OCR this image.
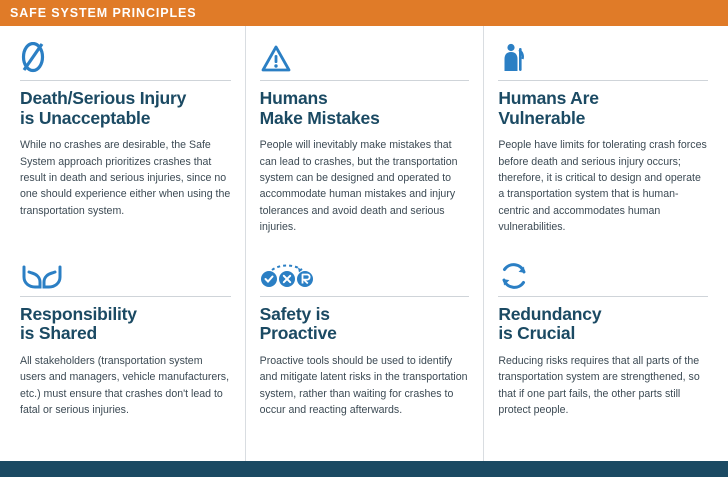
SAFE SYSTEM PRINCIPLES
Death/Serious Injury
is Unacceptable

While no crashes are desirable, the Safe System approach prioritizes crashes that result in death and serious injuries, since no one should experience either when using the transportation system.

Humans
Make Mistakes

People will inevitably make mistakes that can lead to crashes, but the transportation system can be designed and operated to accommodate human mistakes and injury tolerances and avoid death and serious injuries.

Humans Are
Vulnerable

People have limits for tolerating crash forces before death and serious injury occurs; therefore, it is critical to design and operate a transportation system that is human-centric and accommodates human vulnerabilities.

Responsibility
is Shared

All stakeholders (transportation system users and managers, vehicle manufacturers, etc.) must ensure that crashes don't lead to fatal or serious injuries.

Safety is
Proactive

Proactive tools should be used to identify and mitigate latent risks in the transportation system, rather than waiting for crashes to occur and reacting afterwards.

Redundancy
is Crucial

Reducing risks requires that all parts of the transportation system are strengthened, so that if one part fails, the other parts still protect people.
